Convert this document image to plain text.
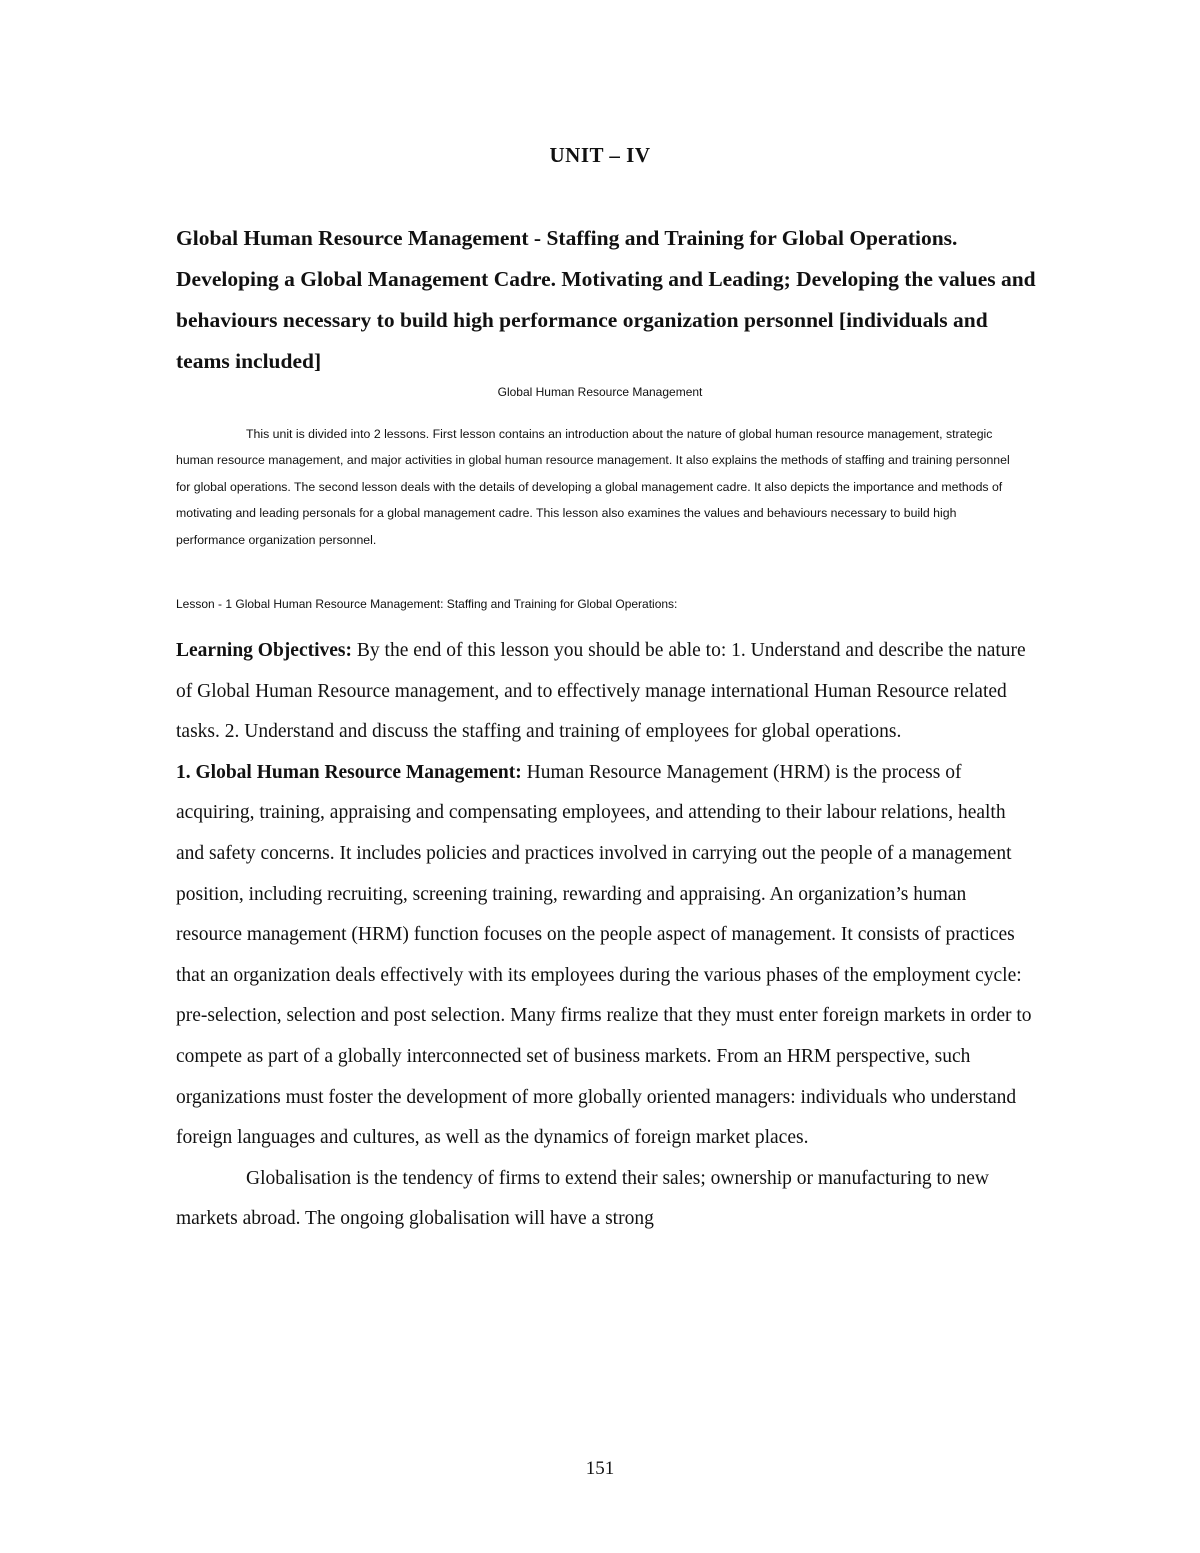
UNIT – IV

Global Human Resource Management - Staffing and Training for Global Operations. Developing a Global Management Cadre. Motivating and Leading; Developing the values and behaviours necessary to build high performance organization personnel [individuals and teams included]

Global Human Resource Management

This unit is divided into 2 lessons. First lesson contains an introduction about the nature of global human resource management, strategic human resource management, and major activities in global human resource management. It also explains the methods of staffing and training personnel for global operations. The second lesson deals with the details of developing a global management cadre. It also depicts the importance and methods of motivating and leading personals for a global management cadre. This lesson also examines the values and behaviours necessary to build high performance organization personnel.

Lesson - 1 Global Human Resource Management: Staffing and Training for Global Operations:

Learning Objectives: By the end of this lesson you should be able to: 1. Understand and describe the nature of Global Human Resource management, and to effectively manage international Human Resource related tasks. 2. Understand and discuss the staffing and training of employees for global operations.

1. Global Human Resource Management: Human Resource Management (HRM) is the process of acquiring, training, appraising and compensating employees, and attending to their labour relations, health and safety concerns. It includes policies and practices involved in carrying out the people of a management position, including recruiting, screening training, rewarding and appraising. An organization’s human resource management (HRM) function focuses on the people aspect of management. It consists of practices that an organization deals effectively with its employees during the various phases of the employment cycle: pre-selection, selection and post selection. Many firms realize that they must enter foreign markets in order to compete as part of a globally interconnected set of business markets. From an HRM perspective, such organizations must foster the development of more globally oriented managers: individuals who understand foreign languages and cultures, as well as the dynamics of foreign market places.

Globalisation is the tendency of firms to extend their sales; ownership or manufacturing to new markets abroad. The ongoing globalisation will have a strong

151
